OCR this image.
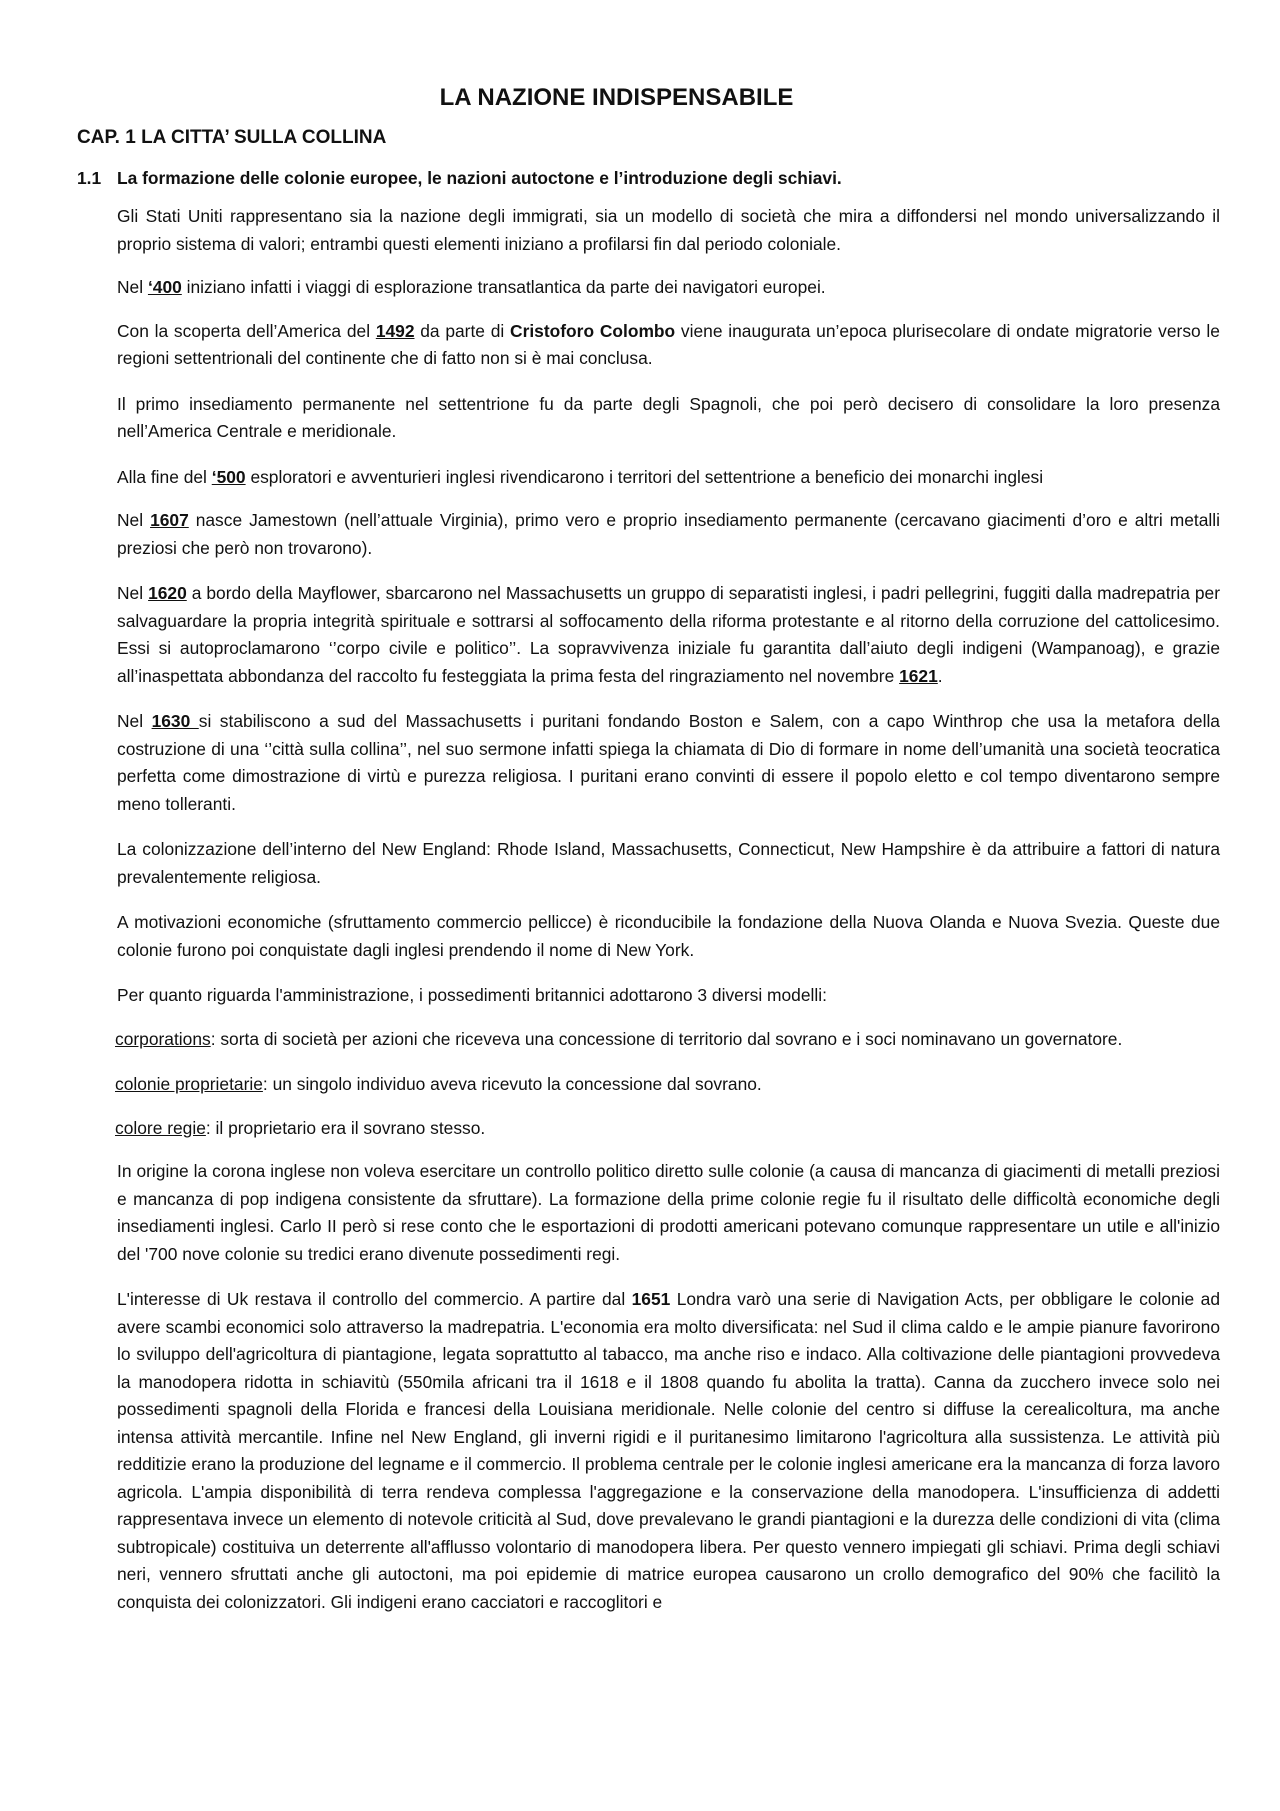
LA NAZIONE INDISPENSABILE
CAP. 1 LA CITTA’ SULLA COLLINA
1.1 La formazione delle colonie europee, le nazioni autoctone e l’introduzione degli schiavi.

Gli Stati Uniti rappresentano sia la nazione degli immigrati, sia un modello di società che mira a diffondersi nel mondo universalizzando il proprio sistema di valori; entrambi questi elementi iniziano a profilarsi fin dal periodo coloniale.

Nel ‘400 iniziano infatti i viaggi di esplorazione transatlantica da parte dei navigatori europei.

Con la scoperta dell’America del 1492 da parte di Cristoforo Colombo viene inaugurata un’epoca plurisecolare di ondate migratorie verso le regioni settentrionali del continente che di fatto non si è mai conclusa.

Il primo insediamento permanente nel settentrione fu da parte degli Spagnoli, che poi però decisero di consolidare la loro presenza nell’America Centrale e meridionale.

Alla fine del ‘500 esploratori e avventurieri inglesi rivendicarono i territori del settentrione a beneficio dei monarchi inglesi

Nel 1607 nasce Jamestown (nell’attuale Virginia), primo vero e proprio insediamento permanente (cercavano giacimenti d’oro e altri metalli preziosi che però non trovarono).

Nel 1620 a bordo della Mayflower, sbarcarono nel Massachusetts un gruppo di separatisti inglesi, i padri pellegrini, fuggiti dalla madrepatria per salvaguardare la propria integrità spirituale e sottrarsi al soffocamento della riforma protestante e al ritorno della corruzione del cattolicesimo. Essi si autoproclamarono ‘’corpo civile e politico’’. La sopravvivenza iniziale fu garantita dall’aiuto degli indigeni (Wampanoag), e grazie all’inaspettata abbondanza del raccolto fu festeggiata la prima festa del ringraziamento nel novembre 1621.

Nel 1630 si stabiliscono a sud del Massachusetts i puritani fondando Boston e Salem, con a capo Winthrop che usa la metafora della costruzione di una ‘’città sulla collina’’, nel suo sermone infatti spiega la chiamata di Dio di formare in nome dell’umanità una società teocratica perfetta come dimostrazione di virtù e purezza religiosa. I puritani erano convinti di essere il popolo eletto e col tempo diventarono sempre meno tolleranti.

La colonizzazione dell’interno del New England: Rhode Island, Massachusetts, Connecticut, New Hampshire è da attribuire a fattori di natura prevalentemente religiosa.

A motivazioni economiche (sfruttamento commercio pellicce) è riconducibile la fondazione della Nuova Olanda e Nuova Svezia. Queste due colonie furono poi conquistate dagli inglesi prendendo il nome di New York.

Per quanto riguarda l'amministrazione, i possedimenti britannici adottarono 3 diversi modelli:

corporations: sorta di società per azioni che riceveva una concessione di territorio dal sovrano e i soci nominavano un governatore.

colonie proprietarie: un singolo individuo aveva ricevuto la concessione dal sovrano.

colore regie: il proprietario era il sovrano stesso.

In origine la corona inglese non voleva esercitare un controllo politico diretto sulle colonie (a causa di mancanza di giacimenti di metalli preziosi e mancanza di pop indigena consistente da sfruttare). La formazione della prime colonie regie fu il risultato delle difficoltà economiche degli insediamenti inglesi. Carlo II però si rese conto che le esportazioni di prodotti americani potevano comunque rappresentare un utile e all'inizio del '700 nove colonie su tredici erano divenute possedimenti regi.

L'interesse di Uk restava il controllo del commercio. A partire dal 1651 Londra varò una serie di Navigation Acts, per obbligare le colonie ad avere scambi economici solo attraverso la madrepatria. L'economia era molto diversificata: nel Sud il clima caldo e le ampie pianure favorirono lo sviluppo dell'agricoltura di piantagione, legata soprattutto al tabacco, ma anche riso e indaco. Alla coltivazione delle piantagioni provvedeva la manodopera ridotta in schiavitù (550mila africani tra il 1618 e il 1808 quando fu abolita la tratta). Canna da zucchero invece solo nei possedimenti spagnoli della Florida e francesi della Louisiana meridionale. Nelle colonie del centro si diffuse la cerealicoltura, ma anche intensa attività mercantile. Infine nel New England, gli inverni rigidi e il puritanesimo limitarono l'agricoltura alla sussistenza. Le attività più redditizie erano la produzione del legname e il commercio. Il problema centrale per le colonie inglesi americane era la mancanza di forza lavoro agricola. L'ampia disponibilità di terra rendeva complessa l'aggregazione e la conservazione della manodopera. L'insufficienza di addetti rappresentava invece un elemento di notevole criticità al Sud, dove prevalevano le grandi piantagioni e la durezza delle condizioni di vita (clima subtropicale) costituiva un deterrente all'afflusso volontario di manodopera libera. Per questo vennero impiegati gli schiavi. Prima degli schiavi neri, vennero sfruttati anche gli autoctoni, ma poi epidemie di matrice europea causarono un crollo demografico del 90% che facilitò la conquista dei colonizzatori. Gli indigeni erano cacciatori e raccoglitori e
